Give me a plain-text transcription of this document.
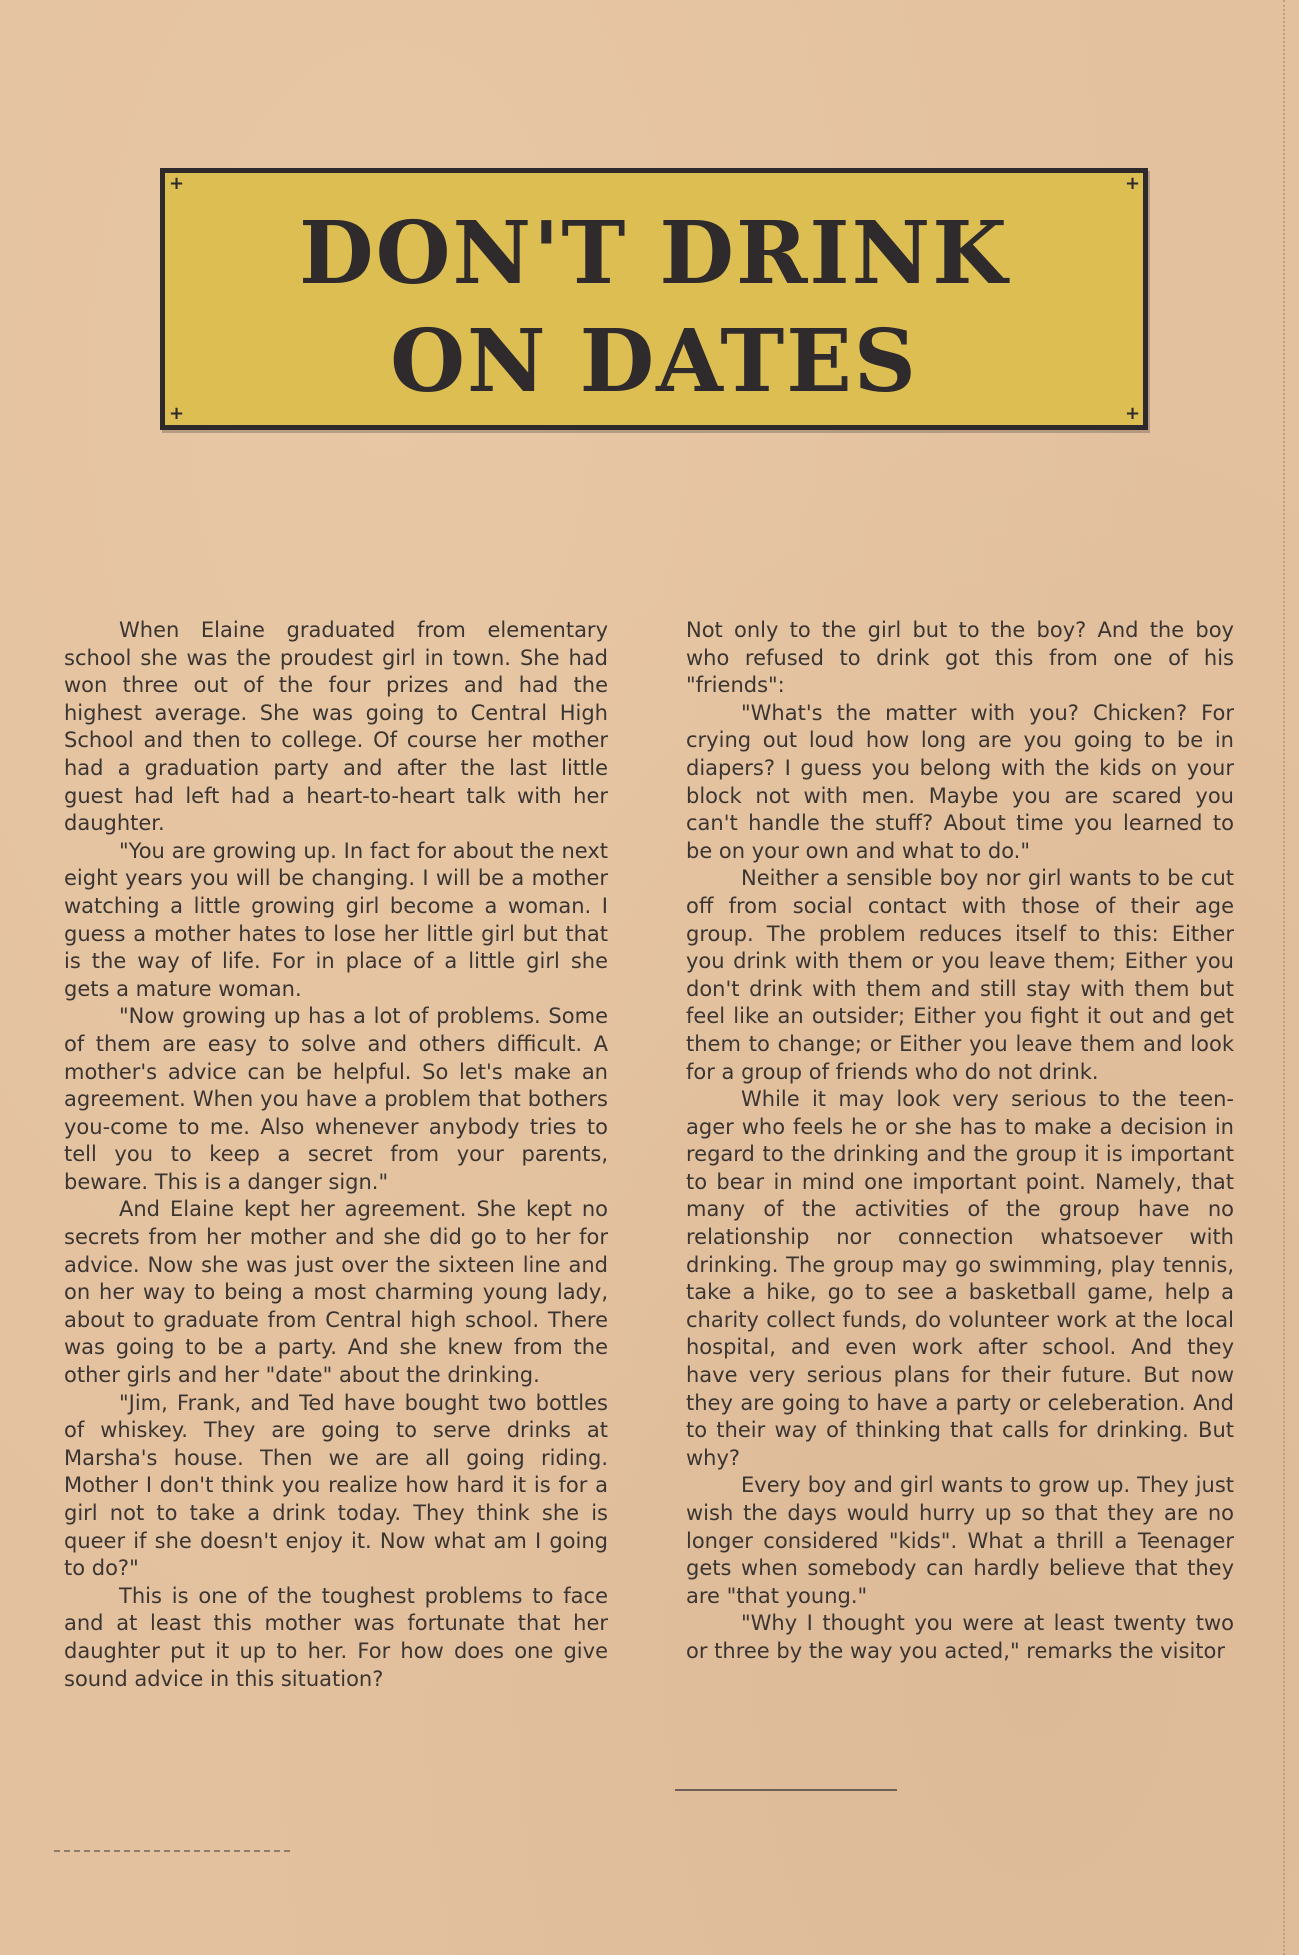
+	+
+	+
DON'T DRINK
ON DATES

When Elaine graduated from elementary school she was the proudest girl in town. She had won three out of the four prizes and had the highest average. She was going to Central High School and then to college. Of course her mother had a graduation party and after the last little guest had left had a heart-to-heart talk with her daughter.

"You are growing up. In fact for about the next eight years you will be changing. I will be a mother watching a little growing girl become a woman. I guess a mother hates to lose her little girl but that is the way of life. For in place of a little girl she gets a mature woman.

"Now growing up has a lot of problems. Some of them are easy to solve and others difficult. A mother's advice can be helpful. So let's make an agreement. When you have a problem that bothers you-come to me. Also whenever anybody tries to tell you to keep a secret from your parents, beware. This is a danger sign."

And Elaine kept her agreement. She kept no secrets from her mother and she did go to her for advice. Now she was just over the sixteen line and on her way to being a most charming young lady, about to graduate from Central high school. There was going to be a party. And she knew from the other girls and her "date" about the drinking.

"Jim, Frank, and Ted have bought two bottles of whiskey. They are going to serve drinks at Marsha's house. Then we are all going riding. Mother I don't think you realize how hard it is for a girl not to take a drink today. They think she is queer if she doesn't enjoy it. Now what am I going to do?"

This is one of the toughest problems to face and at least this mother was fortunate that her daughter put it up to her. For how does one give sound advice in this situation?

Not only to the girl but to the boy? And the boy who refused to drink got this from one of his "friends":

"What's the matter with you? Chicken? For crying out loud how long are you going to be in diapers? I guess you belong with the kids on your block not with men. Maybe you are scared you can't handle the stuff? About time you learned to be on your own and what to do."

Neither a sensible boy nor girl wants to be cut off from social contact with those of their age group. The problem reduces itself to this: Either you drink with them or you leave them; Either you don't drink with them and still stay with them but feel like an outsider; Either you fight it out and get them to change; or Either you leave them and look for a group of friends who do not drink.

While it may look very serious to the teen-ager who feels he or she has to make a decision in regard to the drinking and the group it is important to bear in mind one important point. Namely, that many of the activities of the group have no relationship nor connection whatsoever with drinking. The group may go swimming, play tennis, take a hike, go to see a basketball game, help a charity collect funds, do volunteer work at the local hospital, and even work after school. And they have very serious plans for their future. But now they are going to have a party or celeberation. And to their way of thinking that calls for drinking. But why?

Every boy and girl wants to grow up. They just wish the days would hurry up so that they are no longer considered "kids". What a thrill a Teenager gets when somebody can hardly believe that they are "that young."

"Why I thought you were at least twenty two or three by the way you acted," remarks the visitor
